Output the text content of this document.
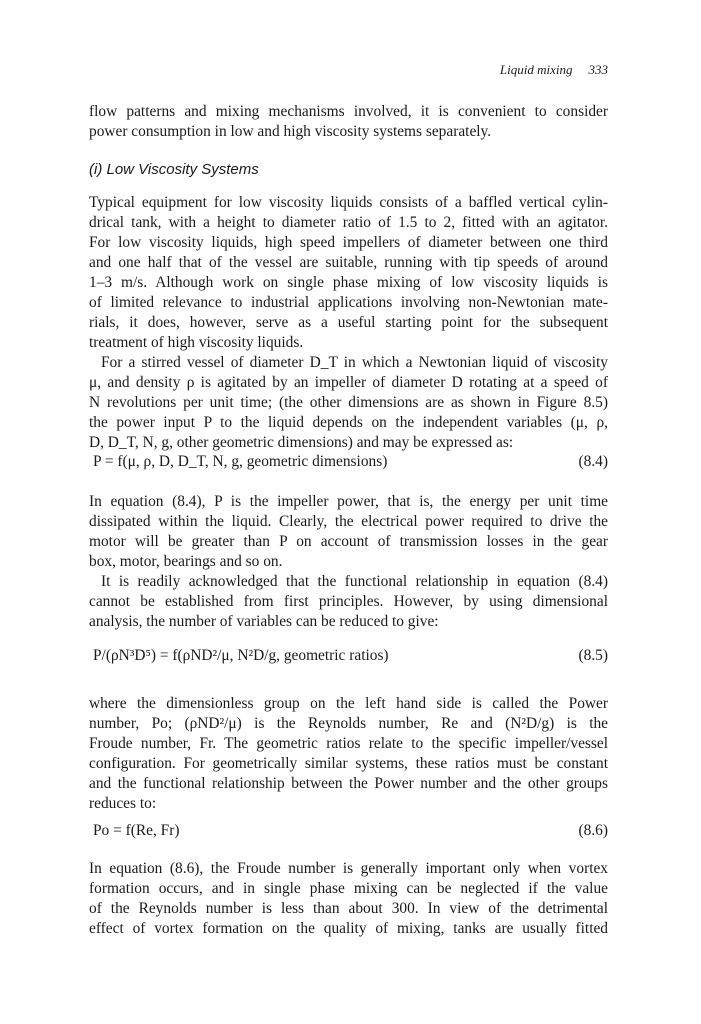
Liquid mixing 333
flow patterns and mixing mechanisms involved, it is convenient to consider
power consumption in low and high viscosity systems separately.
(i) Low Viscosity Systems
Typical equipment for low viscosity liquids consists of a baffled vertical cylin-
drical tank, with a height to diameter ratio of 1.5 to 2, fitted with an agitator.
For low viscosity liquids, high speed impellers of diameter between one third
and one half that of the vessel are suitable, running with tip speeds of around
1–3 m/s. Although work on single phase mixing of low viscosity liquids is
of limited relevance to industrial applications involving non-Newtonian mate-
rials, it does, however, serve as a useful starting point for the subsequent
treatment of high viscosity liquids.
For a stirred vessel of diameter D_T in which a Newtonian liquid of viscosity
μ, and density ρ is agitated by an impeller of diameter D rotating at a speed of
N revolutions per unit time; (the other dimensions are as shown in Figure 8.5)
the power input P to the liquid depends on the independent variables (μ, ρ,
D, D_T, N, g, other geometric dimensions) and may be expressed as:
P = f(μ, ρ, D, D_T, N, g, geometric dimensions)	(8.4)
In equation (8.4), P is the impeller power, that is, the energy per unit time
dissipated within the liquid. Clearly, the electrical power required to drive the
motor will be greater than P on account of transmission losses in the gear
box, motor, bearings and so on.
It is readily acknowledged that the functional relationship in equation (8.4)
cannot be established from first principles. However, by using dimensional
analysis, the number of variables can be reduced to give:
P/(ρN³D⁵) = f(ρND²/μ, N²D/g, geometric ratios)	(8.5)
where the dimensionless group on the left hand side is called the Power
number, Po; (ρND²/μ) is the Reynolds number, Re and (N²D/g) is the
Froude number, Fr. The geometric ratios relate to the specific impeller/vessel
configuration. For geometrically similar systems, these ratios must be constant
and the functional relationship between the Power number and the other groups
reduces to:
Po = f(Re, Fr)	(8.6)
In equation (8.6), the Froude number is generally important only when vortex
formation occurs, and in single phase mixing can be neglected if the value
of the Reynolds number is less than about 300. In view of the detrimental
effect of vortex formation on the quality of mixing, tanks are usually fitted
